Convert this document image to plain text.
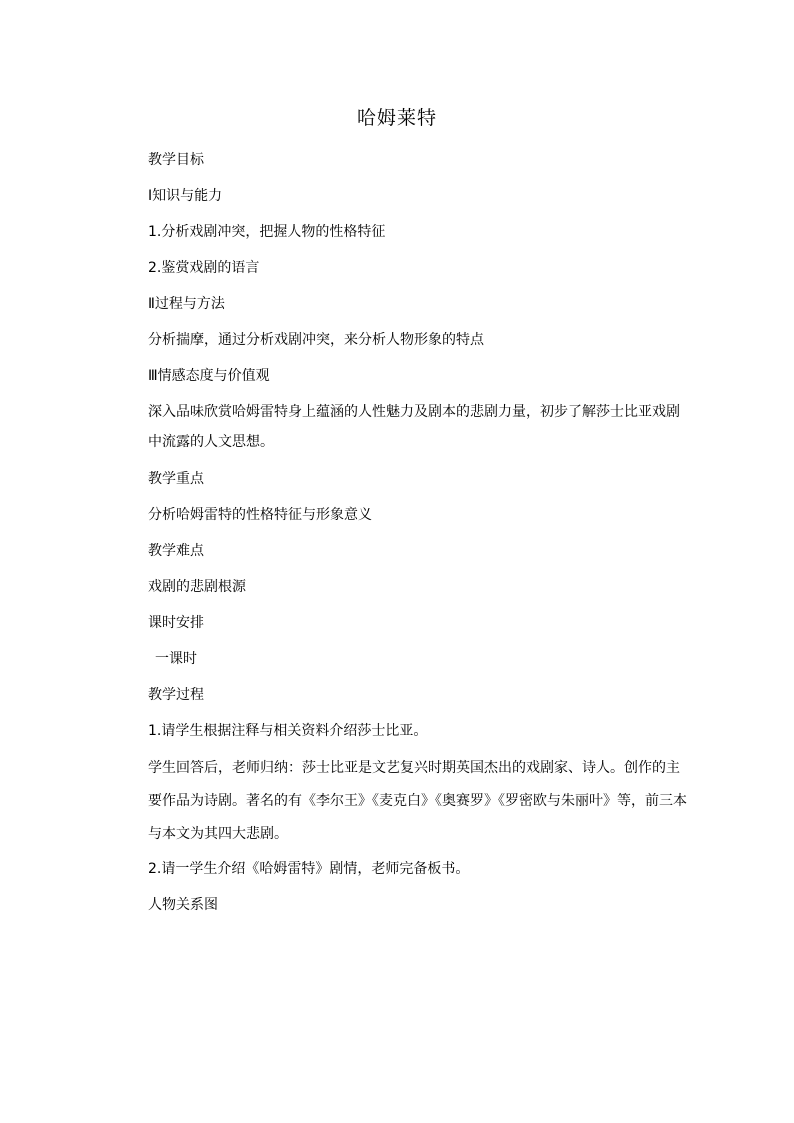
哈姆莱特
教学目标
Ⅰ知识与能力
1.分析戏剧冲突，把握人物的性格特征
2.鉴赏戏剧的语言
Ⅱ过程与方法
分析揣摩，通过分析戏剧冲突，来分析人物形象的特点
Ⅲ情感态度与价值观
深入品味欣赏哈姆雷特身上蕴涵的人性魅力及剧本的悲剧力量，初步了解莎士比亚戏剧
中流露的人文思想。
教学重点
分析哈姆雷特的性格特征与形象意义
教学难点
戏剧的悲剧根源
课时安排
一课时
教学过程
1.请学生根据注释与相关资料介绍莎士比亚。
学生回答后，老师归纳：莎士比亚是文艺复兴时期英国杰出的戏剧家、诗人。创作的主
要作品为诗剧。著名的有《李尔王》《麦克白》《奥赛罗》《罗密欧与朱丽叶》等，前三本
与本文为其四大悲剧。
2.请一学生介绍《哈姆雷特》剧情，老师完备板书。
人物关系图
